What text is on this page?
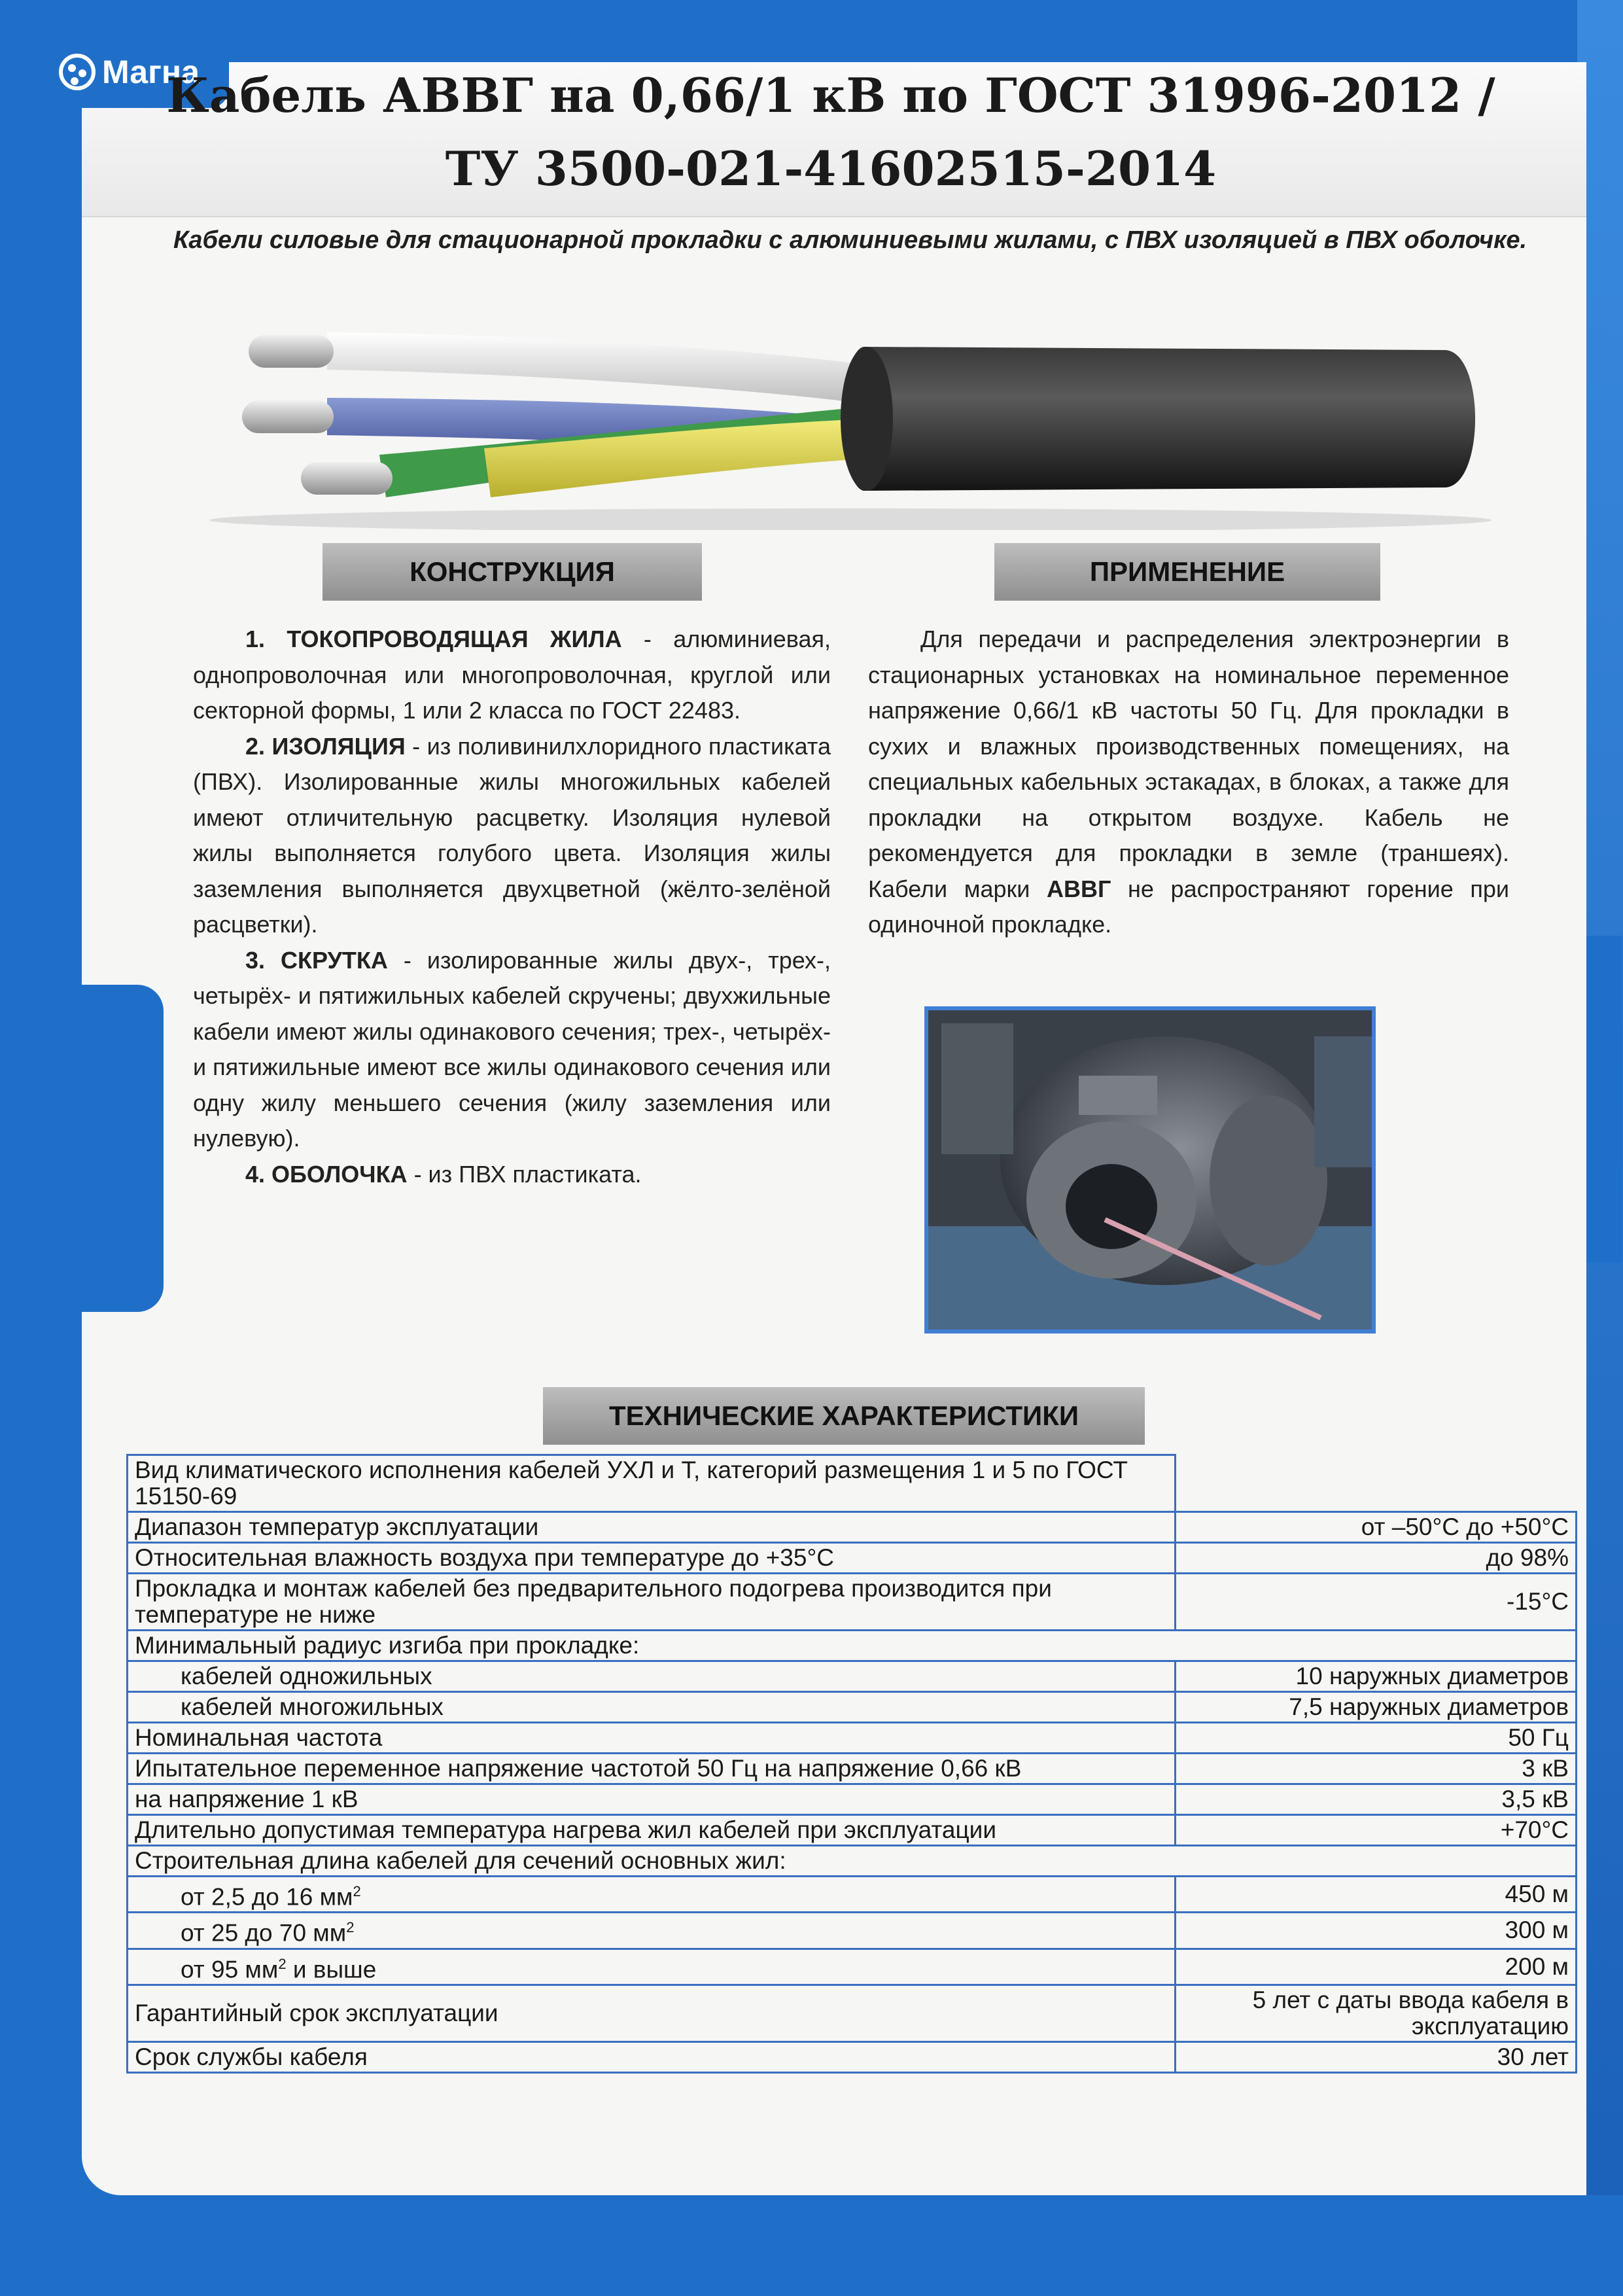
Магна
Кабель АВВГ на 0,66/1 кВ по ГОСТ 31996-2012 /
ТУ 3500-021-41602515-2014
Кабели силовые для стационарной прокладки с алюминиевыми жилами, с ПВХ изоляцией в ПВХ оболочке.
КОНСТРУКЦИЯ	ПРИМЕНЕНИЕ

1. ТОКОПРОВОДЯЩАЯ ЖИЛА - алюминиевая, однопроволочная или многопроволочная, круглой или секторной формы, 1 или 2 класса по ГОСТ 22483.

2. ИЗОЛЯЦИЯ - из поливинилхлоридного пластиката (ПВХ). Изолированные жилы многожильных кабелей имеют отличительную расцветку. Изоляция нулевой жилы выполняется голубого цвета. Изоляция жилы заземления выполняется двухцветной (жёлто-зелёной расцветки).

3. СКРУТКА - изолированные жилы двух-, трех-, четырёх- и пятижильных кабелей скручены; двухжильные кабели имеют жилы одинакового сечения; трех-, четырёх- и пятижильные имеют все жилы одинакового сечения или одну жилу меньшего сечения (жилу заземления или нулевую).

4. ОБОЛОЧКА - из ПВХ пластиката.

Для передачи и распределения электроэнергии в стационарных установках на номинальное переменное напряжение 0,66/1 кВ частоты 50 Гц. Для прокладки в сухих и влажных производственных помещениях, на специальных кабельных эстакадах, в блоках, а также для прокладки на открытом воздухе. Кабель не рекомендуется для прокладки в земле (траншеях). Кабели марки АВВГ не распространяют горение при одиночной прокладке.

ТЕХНИЧЕСКИЕ ХАРАКТЕРИСТИКИ
Вид климатического исполнения кабелей УХЛ и Т, категорий размещения 1 и 5 по ГОСТ 15150-69	
Диапазон температур эксплуатации	от –50°С до +50°С
Относительная влажность воздуха при температуре до +35°С	до 98%
Прокладка и монтаж кабелей без предварительного подогрева производится при температуре не ниже	-15°С
Минимальный радиус изгиба при прокладке:	
кабелей одножильных	10 наружных диаметров
кабелей многожильных	7,5 наружных диаметров
Номинальная частота	50 Гц
Ипытательное переменное напряжение частотой 50 Гц на напряжение 0,66 кВ	3 кВ
на напряжение 1 кВ	3,5 кВ
Длительно допустимая температура нагрева жил кабелей при эксплуатации	+70°С
Строительная длина кабелей для сечений основных жил:	
от 2,5 до 16 $мм^2$	450 м
от 25 до 70 $мм^2$	300 м
от 95 $мм^2$ и выше	200 м
Гарантийный срок эксплуатации	5 лет с даты ввода кабеля в эксплуатацию
Срок службы кабеля	30 лет
